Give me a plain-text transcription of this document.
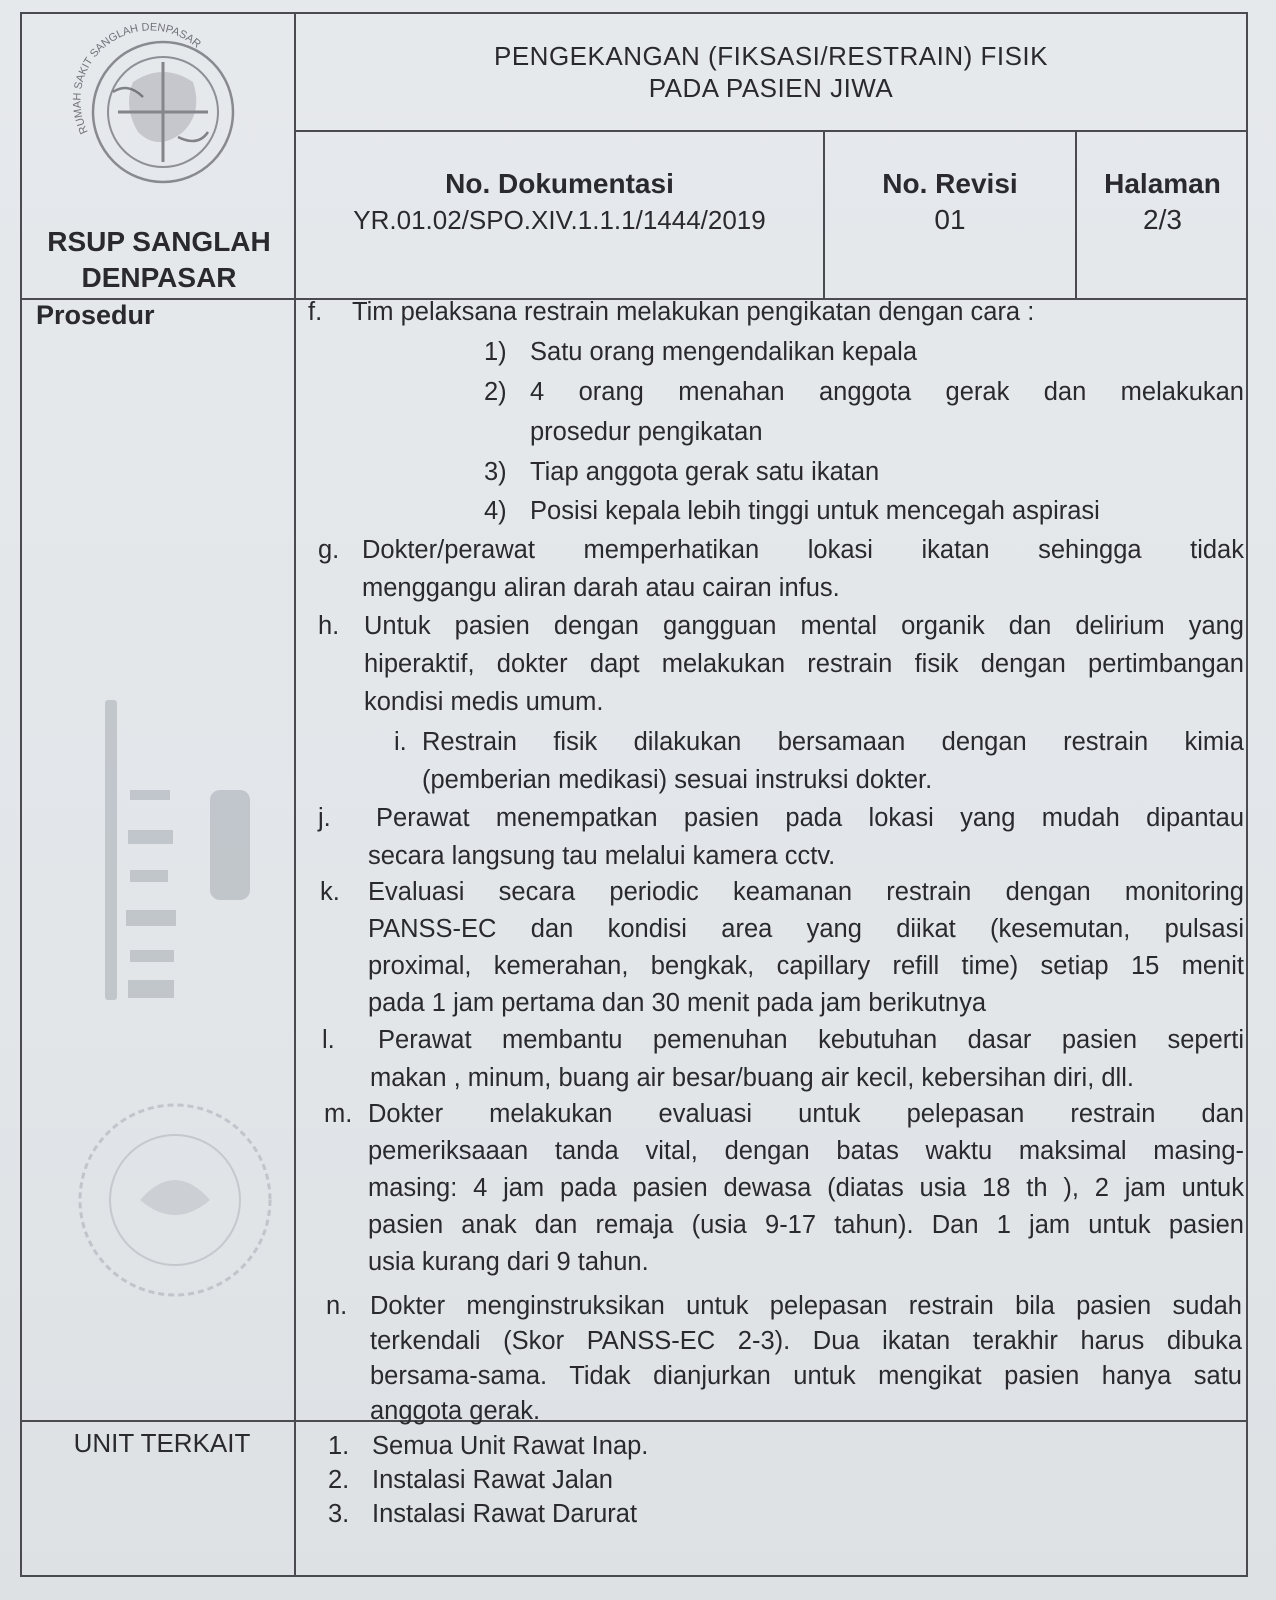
RUMAH SAKIT SANGLAH DENPASAR
RSUP SANGLAH
DENPASAR
PENGEKANGAN (FIKSASI/RESTRAIN) FISIK
PADA PASIEN JIWA
No. Dokumentasi
YR.01.02/SPO.XIV.1.1.1/1444/2019
No. Revisi
01
Halaman
2/3
Prosedur	f. Tim pelaksana restrain melakukan pengikatan dengan cara :
1) Satu orang mengendalikan kepala
2) 4 orang menahan anggota gerak dan melakukan
prosedur pengikatan
3) Tiap anggota gerak satu ikatan
4) Posisi kepala lebih tinggi untuk mencegah aspirasi
g. Dokter/perawat memperhatikan lokasi ikatan sehingga tidak
menggangu aliran darah atau cairan infus.
h. Untuk pasien dengan gangguan mental organik dan delirium yang
hiperaktif, dokter dapt melakukan restrain fisik dengan pertimbangan
kondisi medis umum.
i. Restrain fisik dilakukan bersamaan dengan restrain kimia
(pemberian medikasi) sesuai instruksi dokter.
j. Perawat menempatkan pasien pada lokasi yang mudah dipantau
secara langsung tau melalui kamera cctv.
k. Evaluasi secara periodic keamanan restrain dengan monitoring
PANSS-EC dan kondisi area yang diikat (kesemutan, pulsasi
proximal, kemerahan, bengkak, capillary refill time) setiap 15 menit
pada 1 jam pertama dan 30 menit pada jam berikutnya
l. Perawat membantu pemenuhan kebutuhan dasar pasien seperti
makan , minum, buang air besar/buang air kecil, kebersihan diri, dll.
m. Dokter melakukan evaluasi untuk pelepasan restrain dan
pemeriksaaan tanda vital, dengan batas waktu maksimal masing-
masing: 4 jam pada pasien dewasa (diatas usia 18 th ), 2 jam untuk
pasien anak dan remaja (usia 9-17 tahun). Dan 1 jam untuk pasien
usia kurang dari 9 tahun.
n. Dokter menginstruksikan untuk pelepasan restrain bila pasien sudah
terkendali (Skor PANSS-EC 2-3). Dua ikatan terakhir harus dibuka
bersama-sama. Tidak dianjurkan untuk mengikat pasien hanya satu
anggota gerak.
UNIT TERKAIT	1. Semua Unit Rawat Inap.
2. Instalasi Rawat Jalan
3. Instalasi Rawat Darurat
